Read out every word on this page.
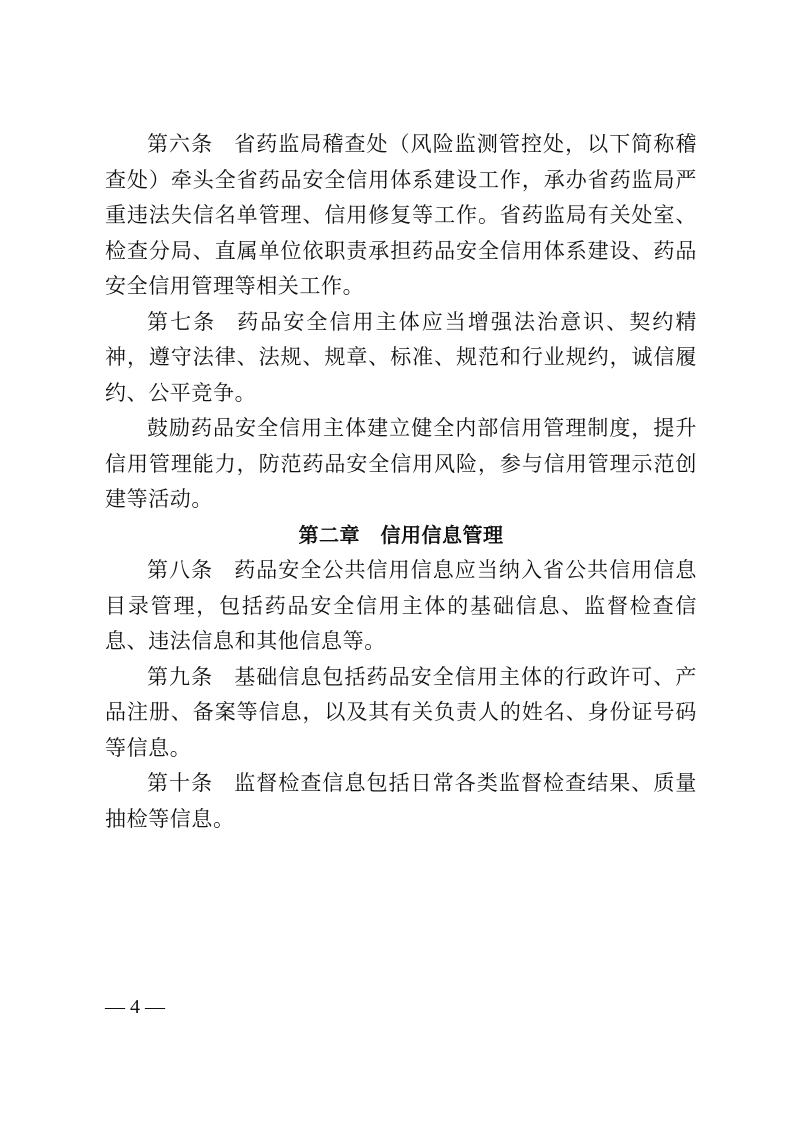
第六条 省药监局稽查处（风险监测管控处，以下简称稽查处）牵头全省药品安全信用体系建设工作，承办省药监局严重违法失信名单管理、信用修复等工作。省药监局有关处室、检查分局、直属单位依职责承担药品安全信用体系建设、药品安全信用管理等相关工作。

第七条 药品安全信用主体应当增强法治意识、契约精神，遵守法律、法规、规章、标准、规范和行业规约，诚信履约、公平竞争。

鼓励药品安全信用主体建立健全内部信用管理制度，提升信用管理能力，防范药品安全信用风险，参与信用管理示范创建等活动。

第二章　信用信息管理

第八条 药品安全公共信用信息应当纳入省公共信用信息目录管理，包括药品安全信用主体的基础信息、监督检查信息、违法信息和其他信息等。

第九条 基础信息包括药品安全信用主体的行政许可、产品注册、备案等信息，以及其有关负责人的姓名、身份证号码等信息。

第十条 监督检查信息包括日常各类监督检查结果、质量抽检等信息。

— 4 —
